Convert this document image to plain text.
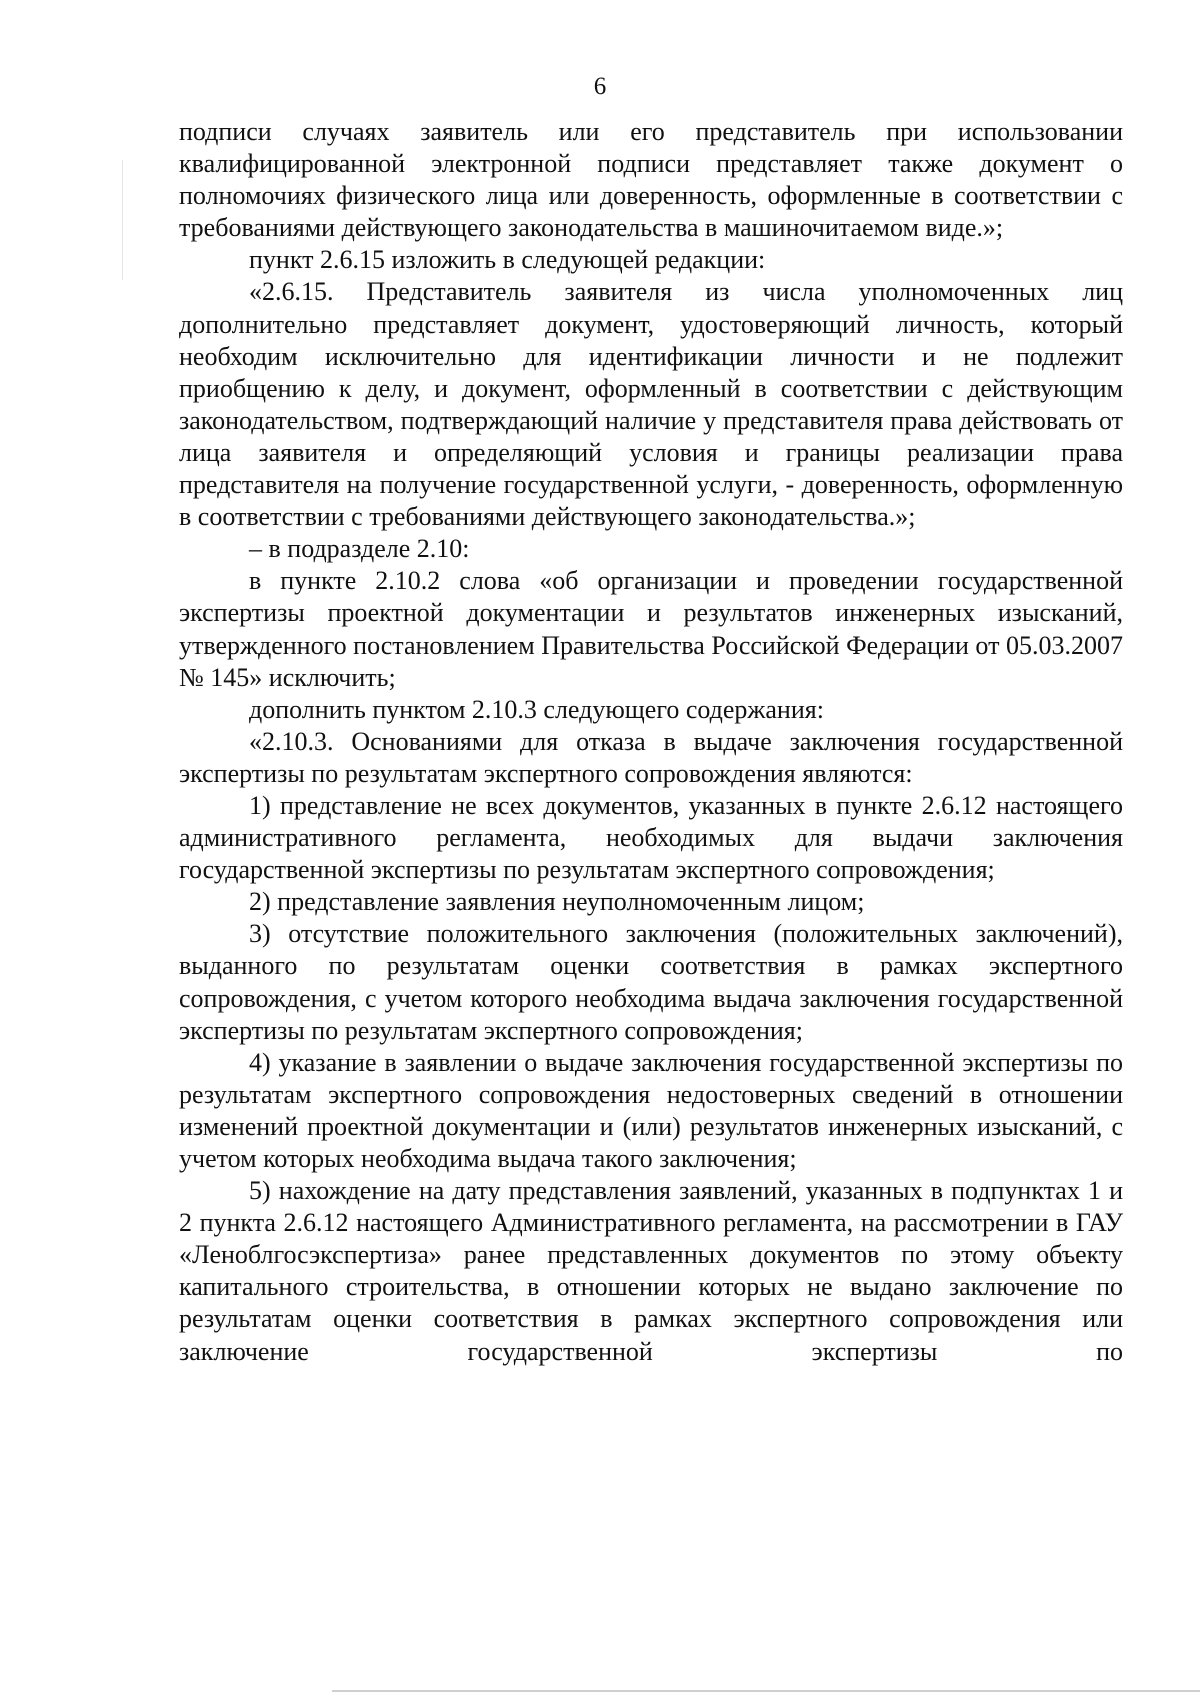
6

подписи случаях заявитель или его представитель при использовании квалифицированной электронной подписи представляет также документ о полномочиях физического лица или доверенность, оформленные в соответствии с требованиями действующего законодательства в машиночитаемом виде.»;

пункт 2.6.15 изложить в следующей редакции:

«2.6.15. Представитель заявителя из числа уполномоченных лиц дополнительно представляет документ, удостоверяющий личность, который необходим исключительно для идентификации личности и не подлежит приобщению к делу, и документ, оформленный в соответствии с действующим законодательством, подтверждающий наличие у представителя права действовать от лица заявителя и определяющий условия и границы реализации права представителя на получение государственной услуги, - доверенность, оформленную в соответствии с требованиями действующего законодательства.»;

– в подразделе 2.10:

в пункте 2.10.2 слова «об организации и проведении государственной экспертизы проектной документации и результатов инженерных изысканий, утвержденного постановлением Правительства Российской Федерации от 05.03.2007 № 145» исключить;

дополнить пунктом 2.10.3 следующего содержания:

«2.10.3. Основаниями для отказа в выдаче заключения государственной экспертизы по результатам экспертного сопровождения являются:

1) представление не всех документов, указанных в пункте 2.6.12 настоящего административного регламента, необходимых для выдачи заключения государственной экспертизы по результатам экспертного сопровождения;

2) представление заявления неуполномоченным лицом;

3) отсутствие положительного заключения (положительных заключений), выданного по результатам оценки соответствия в рамках экспертного сопровождения, с учетом которого необходима выдача заключения государственной экспертизы по результатам экспертного сопровождения;

4) указание в заявлении о выдаче заключения государственной экспертизы по результатам экспертного сопровождения недостоверных сведений в отношении изменений проектной документации и (или) результатов инженерных изысканий, с учетом которых необходима выдача такого заключения;

5) нахождение на дату представления заявлений, указанных в подпунктах 1 и 2 пункта 2.6.12 настоящего Административного регламента, на рассмотрении в ГАУ «Леноблгосэкспертиза» ранее представленных документов по этому объекту капитального строительства, в отношении которых не выдано заключение по результатам оценки соответствия в рамках экспертного сопровождения или заключение государственной экспертизы по
